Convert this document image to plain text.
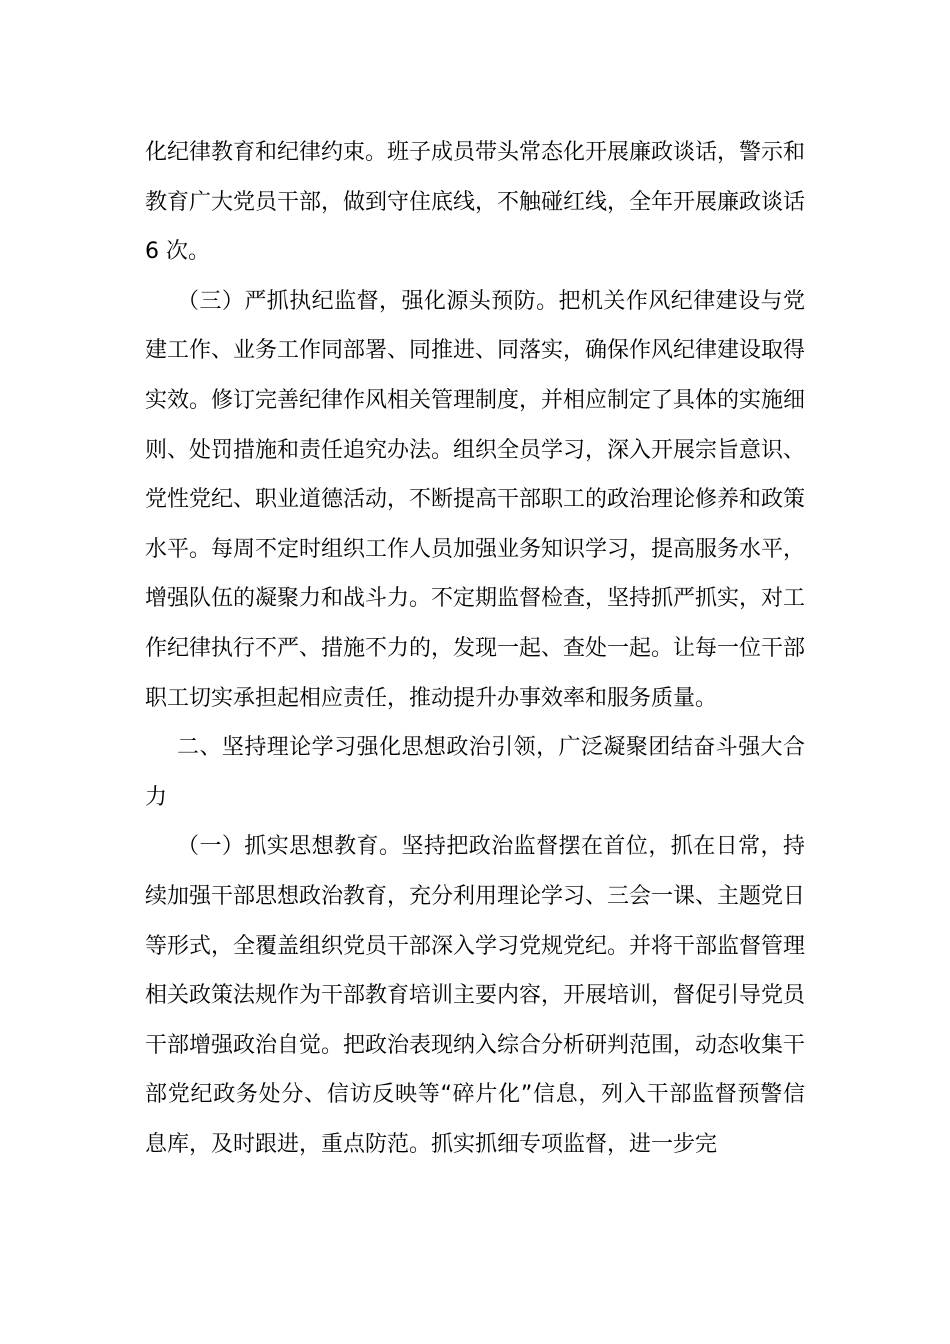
化纪律教育和纪律约束。班子成员带头常态化开展廉政谈话，警示和教育广大党员干部，做到守住底线，不触碰红线，全年开展廉政谈话 6 次。

（三）严抓执纪监督，强化源头预防。把机关作风纪律建设与党建工作、业务工作同部署、同推进、同落实，确保作风纪律建设取得实效。修订完善纪律作风相关管理制度，并相应制定了具体的实施细则、处罚措施和责任追究办法。组织全员学习，深入开展宗旨意识、党性党纪、职业道德活动，不断提高干部职工的政治理论修养和政策水平。每周不定时组织工作人员加强业务知识学习，提高服务水平，增强队伍的凝聚力和战斗力。不定期监督检查，坚持抓严抓实，对工作纪律执行不严、措施不力的，发现一起、查处一起。让每一位干部职工切实承担起相应责任，推动提升办事效率和服务质量。

二、坚持理论学习强化思想政治引领，广泛凝聚团结奋斗强大合力

（一）抓实思想教育。坚持把政治监督摆在首位，抓在日常，持续加强干部思想政治教育，充分利用理论学习、三会一课、主题党日等形式，全覆盖组织党员干部深入学习党规党纪。并将干部监督管理相关政策法规作为干部教育培训主要内容，开展培训，督促引导党员干部增强政治自觉。把政治表现纳入综合分析研判范围，动态收集干部党纪政务处分、信访反映等“碎片化”信息，列入干部监督预警信息库，及时跟进，重点防范。抓实抓细专项监督，进一步完
